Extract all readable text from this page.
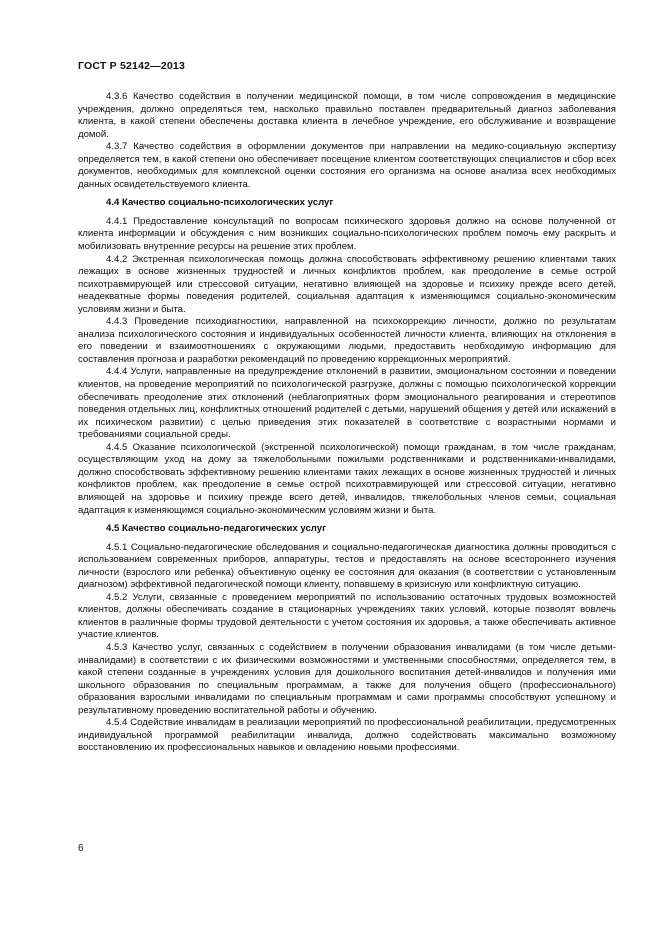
ГОСТ Р 52142—2013

4.3.6 Качество содействия в получении медицинской помощи, в том числе сопровождения в медицинские учреждения, должно определяться тем, насколько правильно поставлен предварительный диагноз заболевания клиента, в какой степени обеспечены доставка клиента в лечебное учреждение, его обслуживание и возвращение домой.

4.3.7 Качество содействия в оформлении документов при направлении на медико-социальную экспертизу определяется тем, в какой степени оно обеспечивает посещение клиентом соответствующих специалистов и сбор всех документов, необходимых для комплексной оценки состояния его организма на основе анализа всех необходимых данных освидетельствуемого клиента.

4.4 Качество социально-психологических услуг

4.4.1 Предоставление консультаций по вопросам психического здоровья должно на основе полученной от клиента информации и обсуждения с ним возникших социально-психологических проблем помочь ему раскрыть и мобилизовать внутренние ресурсы на решение этих проблем.

4.4.2 Экстренная психологическая помощь должна способствовать эффективному решению клиентами таких лежащих в основе жизненных трудностей и личных конфликтов проблем, как преодоление в семье острой психотравмирующей или стрессовой ситуации, негативно влияющей на здоровье и психику прежде всего детей, неадекватные формы поведения родителей, социальная адаптация к изменяющимся социально-экономическим условиям жизни и быта.

4.4.3 Проведение психодиагностики, направленной на психокоррекцию личности, должно по результатам анализа психологического состояния и индивидуальных особенностей личности клиента, влияющих на отклонения в его поведении и взаимоотношениях с окружающими людьми, предоставить необходимую информацию для составления прогноза и разработки рекомендаций по проведению коррекционных мероприятий.

4.4.4 Услуги, направленные на предупреждение отклонений в развитии, эмоциональном состоянии и поведении клиентов, на проведение мероприятий по психологической разгрузке, должны с помощью психологической коррекции обеспечивать преодоление этих отклонений (неблагоприятных форм эмоционального реагирования и стереотипов поведения отдельных лиц, конфликтных отношений родителей с детьми, нарушений общения у детей или искажений в их психическом развитии) с целью приведения этих показателей в соответствие с возрастными нормами и требованиями социальной среды.

4.4.5 Оказание психологической (экстренной психологической) помощи гражданам, в том числе гражданам, осуществляющим уход на дому за тяжелобольными пожилыми родственниками и родственниками-инвалидами, должно способствовать эффективному решению клиентами таких лежащих в основе жизненных трудностей и личных конфликтов проблем, как преодоление в семье острой психотравмирующей или стрессовой ситуации, негативно влияющей на здоровье и психику прежде всего детей, инвалидов, тяжелобольных членов семьи, социальная адаптация к изменяющимся социально-экономическим условиям жизни и быта.

4.5 Качество социально-педагогических услуг

4.5.1 Социально-педагогические обследования и социально-педагогическая диагностика должны проводиться с использованием современных приборов, аппаратуры, тестов и предоставлять на основе всестороннего изучения личности (взрослого или ребенка) объективную оценку ее состояния для оказания (в соответствии с установленным диагнозом) эффективной педагогической помощи клиенту, попавшему в кризисную или конфликтную ситуацию.

4.5.2 Услуги, связанные с проведением мероприятий по использованию остаточных трудовых возможностей клиентов, должны обеспечивать создание в стационарных учреждениях таких условий, которые позволят вовлечь клиентов в различные формы трудовой деятельности с учетом состояния их здоровья, а также обеспечивать активное участие клиентов.

4.5.3 Качество услуг, связанных с содействием в получении образования инвалидами (в том числе детьми-инвалидами) в соответствии с их физическими возможностями и умственными способностями, определяется тем, в какой степени созданные в учреждениях условия для дошкольного воспитания детей-инвалидов и получения ими школьного образования по специальным программам, а также для получения общего (профессионального) образования взрослыми инвалидами по специальным программам и сами программы способствуют успешному и результативному проведению воспитательной работы и обучению.

4.5.4 Содействие инвалидам в реализации мероприятий по профессиональной реабилитации, предусмотренных индивидуальной программой реабилитации инвалида, должно содействовать максимально возможному восстановлению их профессиональных навыков и овладению новыми профессиями.

6
